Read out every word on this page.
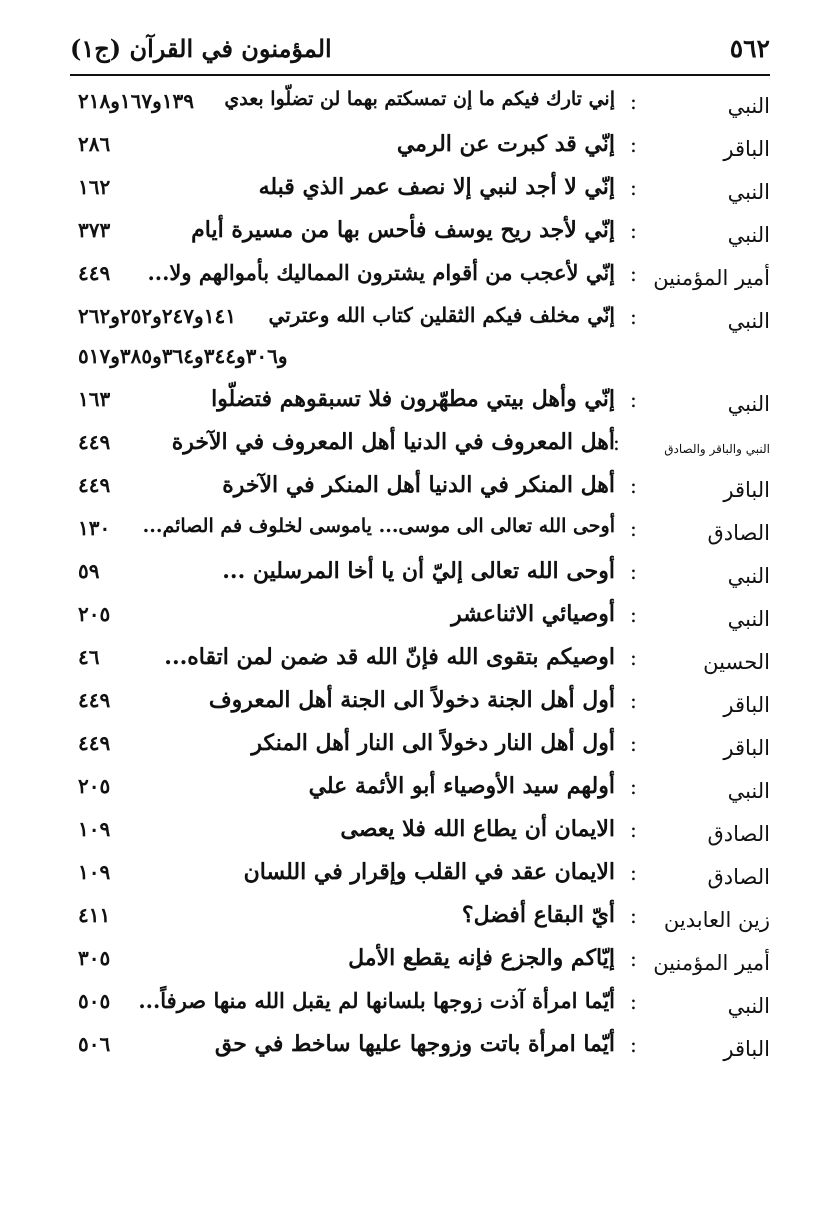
٥٦٢
المؤمنون في القرآن (ج١)
النبي
:
إني تارك فيكم ما إن تمسكتم بهما لن تضلّوا بعدي
١٣٩و١٦٧و٢١٨
الباقر
:
إنّي قد كبرت عن الرمي
٢٨٦
النبي
:
إنّي لا أجد لنبي إلا نصف عمر الذي قبله
١٦٢
النبي
:
إنّي لأجد ريح يوسف فأحس بها من مسيرة أيام
٣٧٣
أمير المؤمنين
:
إنّي لأعجب من أقوام يشترون المماليك بأموالهم ولا...
٤٤٩
النبي
:
إنّي مخلف فيكم الثقلين كتاب الله وعترتي
١٤١و٢٤٧و٢٥٢و٢٦٢
و٣٠٦و٣٤٤و٣٦٤و٣٨٥و٥١٧
النبي
:
إنّي وأهل بيتي مطهّرون فلا تسبقوهم فتضلّوا
١٦٣
النبي والباقر والصادق
:
أهل المعروف في الدنيا أهل المعروف في الآخرة
٤٤٩
الباقر
:
أهل المنكر في الدنيا أهل المنكر في الآخرة
٤٤٩
الصادق
:
أوحى الله تعالى الى موسى... ياموسى لخلوف فم الصائم...
١٣٠
النبي
:
أوحى الله تعالى إليّ أن يا أخا المرسلين ...
٥٩
النبي
:
أوصيائي الاثناعشر
٢٠٥
الحسين
:
اوصيكم بتقوى الله فإنّ الله قد ضمن لمن اتقاه...
٤٦
الباقر
:
أول أهل الجنة دخولاً الى الجنة أهل المعروف
٤٤٩
الباقر
:
أول أهل النار دخولاً الى النار أهل المنكر
٤٤٩
النبي
:
أولهم سيد الأوصياء أبو الأئمة علي
٢٠٥
الصادق
:
الايمان أن يطاع الله فلا يعصى
١٠٩
الصادق
:
الايمان عقد في القلب وإقرار في اللسان
١٠٩
زين العابدين
:
أيّ البقاع أفضل؟
٤١١
أمير المؤمنين
:
إيّاكم والجزع فإنه يقطع الأمل
٣٠٥
النبي
:
أيّما امرأة آذت زوجها بلسانها لم يقبل الله منها صرفاً...
٥٠٥
الباقر
:
أيّما امرأة باتت وزوجها عليها ساخط في حق
٥٠٦
